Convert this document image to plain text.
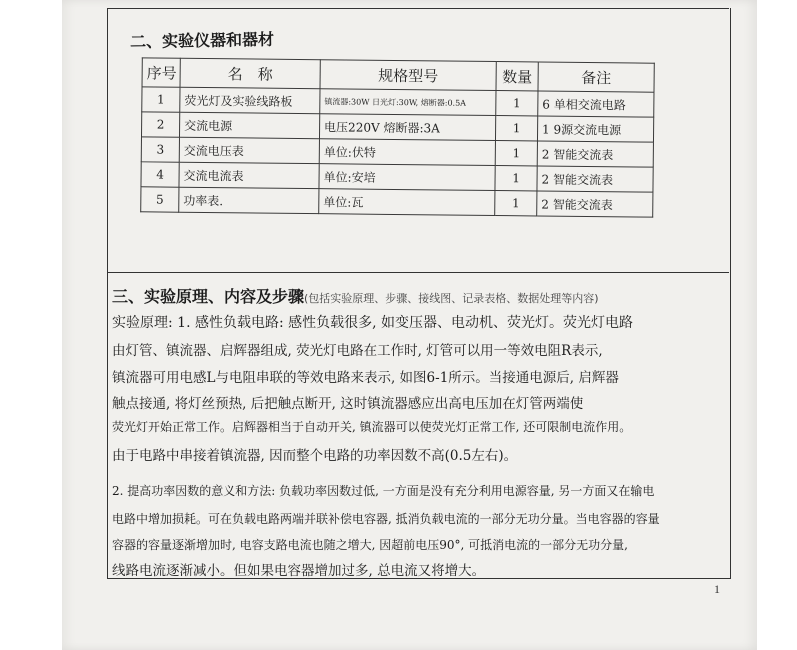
二、实验仪器和器材
序号	名　称	规格型号	数量	备注
1	荧光灯及实验线路板	镇流器:30W 日光灯:30W, 熔断器:0.5A	1	6 单相交流电路
2	交流电源	电压220V 熔断器:3A	1	1 9源交流电源
3	交流电压表	单位:伏特	1	2 智能交流表
4	交流电流表	单位:安培	1	2 智能交流表
5	功率表.	单位:瓦	1	2 智能交流表
三、实验原理、内容及步骤(包括实验原理、步骤、接线图、记录表格、数据处理等内容)
实验原理: 1. 感性负载电路: 感性负载很多, 如变压器、电动机、荧光灯。荧光灯电路
由灯管、镇流器、启辉器组成, 荧光灯电路在工作时, 灯管可以用一等效电阻R表示,
镇流器可用电感L与电阻串联的等效电路来表示, 如图6-1所示。当接通电源后, 启辉器
触点接通, 将灯丝预热, 后把触点断开, 这时镇流器感应出高电压加在灯管两端使
荧光灯开始正常工作。启辉器相当于自动开关, 镇流器可以使荧光灯正常工作, 还可限制电流作用。
由于电路中串接着镇流器, 因而整个电路的功率因数不高(0.5左右)。
2. 提高功率因数的意义和方法: 负载功率因数过低, 一方面是没有充分利用电源容量, 另一方面又在输电
电路中增加损耗。可在负载电路两端并联补偿电容器, 抵消负载电流的一部分无功分量。当电容器的容量
容器的容量逐渐增加时, 电容支路电流也随之增大, 因超前电压90°, 可抵消电流的一部分无功分量,
线路电流逐渐减小。但如果电容器增加过多, 总电流又将增大。
1
